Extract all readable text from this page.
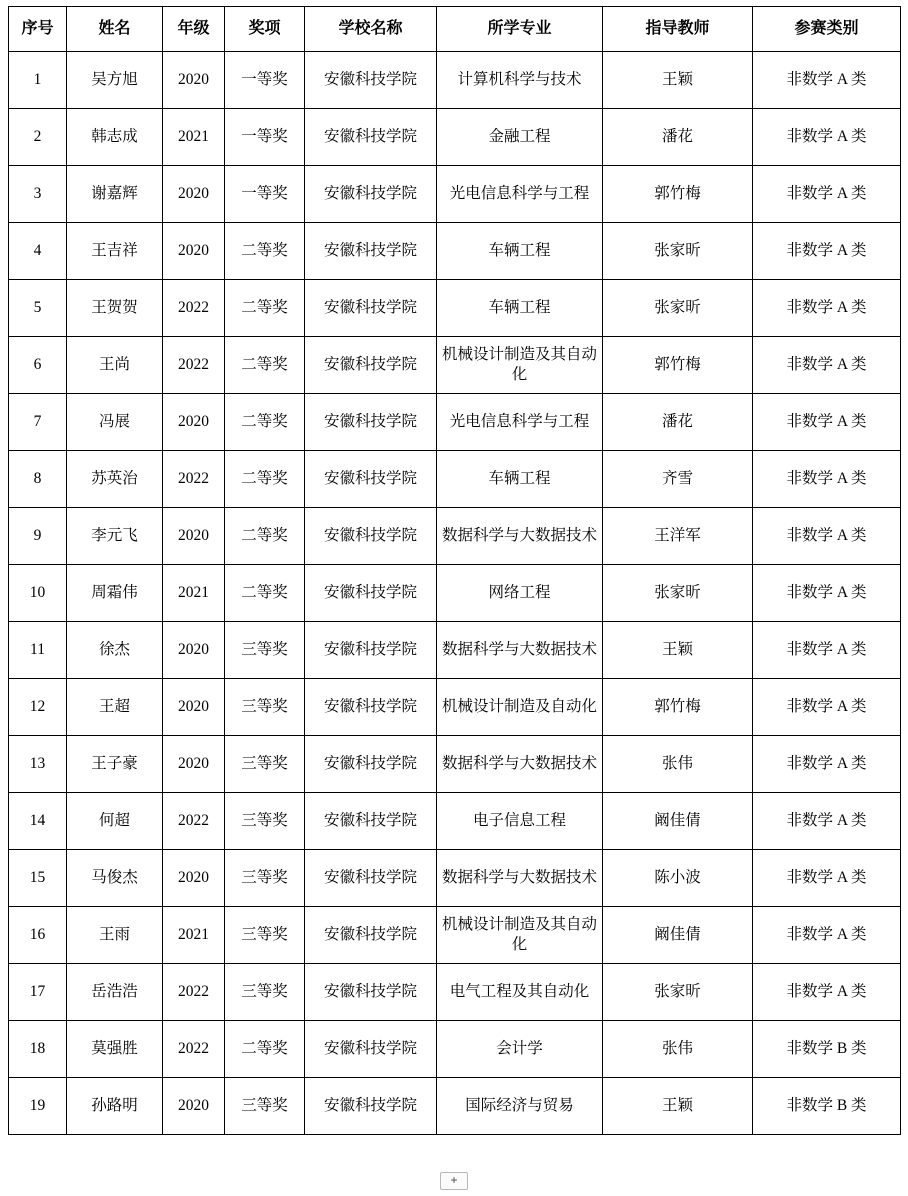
序号	姓名	年级	奖项	学校名称	所学专业	指导教师	参赛类别

1	吴方旭	2020	一等奖	安徽科技学院	计算机科学与技术	王颖	非数学 A 类

2	韩志成	2021	一等奖	安徽科技学院	金融工程	潘花	非数学 A 类

3	谢嘉辉	2020	一等奖	安徽科技学院	光电信息科学与工程	郭竹梅	非数学 A 类

4	王吉祥	2020	二等奖	安徽科技学院	车辆工程	张家昕	非数学 A 类

5	王贺贺	2022	二等奖	安徽科技学院	车辆工程	张家昕	非数学 A 类

6	王尚	2022	二等奖	安徽科技学院	机械设计制造及其自动化	郭竹梅	非数学 A 类

7	冯展	2020	二等奖	安徽科技学院	光电信息科学与工程	潘花	非数学 A 类

8	苏英治	2022	二等奖	安徽科技学院	车辆工程	齐雪	非数学 A 类

9	李元飞	2020	二等奖	安徽科技学院	数据科学与大数据技术	王洋军	非数学 A 类

10	周霜伟	2021	二等奖	安徽科技学院	网络工程	张家昕	非数学 A 类

11	徐杰	2020	三等奖	安徽科技学院	数据科学与大数据技术	王颖	非数学 A 类

12	王超	2020	三等奖	安徽科技学院	机械设计制造及自动化	郭竹梅	非数学 A 类

13	王子豪	2020	三等奖	安徽科技学院	数据科学与大数据技术	张伟	非数学 A 类

14	何超	2022	三等奖	安徽科技学院	电子信息工程	阚佳倩	非数学 A 类

15	马俊杰	2020	三等奖	安徽科技学院	数据科学与大数据技术	陈小波	非数学 A 类

16	王雨	2021	三等奖	安徽科技学院	机械设计制造及其自动化	阚佳倩	非数学 A 类

17	岳浩浩	2022	三等奖	安徽科技学院	电气工程及其自动化	张家昕	非数学 A 类

18	莫强胜	2022	二等奖	安徽科技学院	会计学	张伟	非数学 B 类

19	孙路明	2020	三等奖	安徽科技学院	国际经济与贸易	王颖	非数学 B 类
+
